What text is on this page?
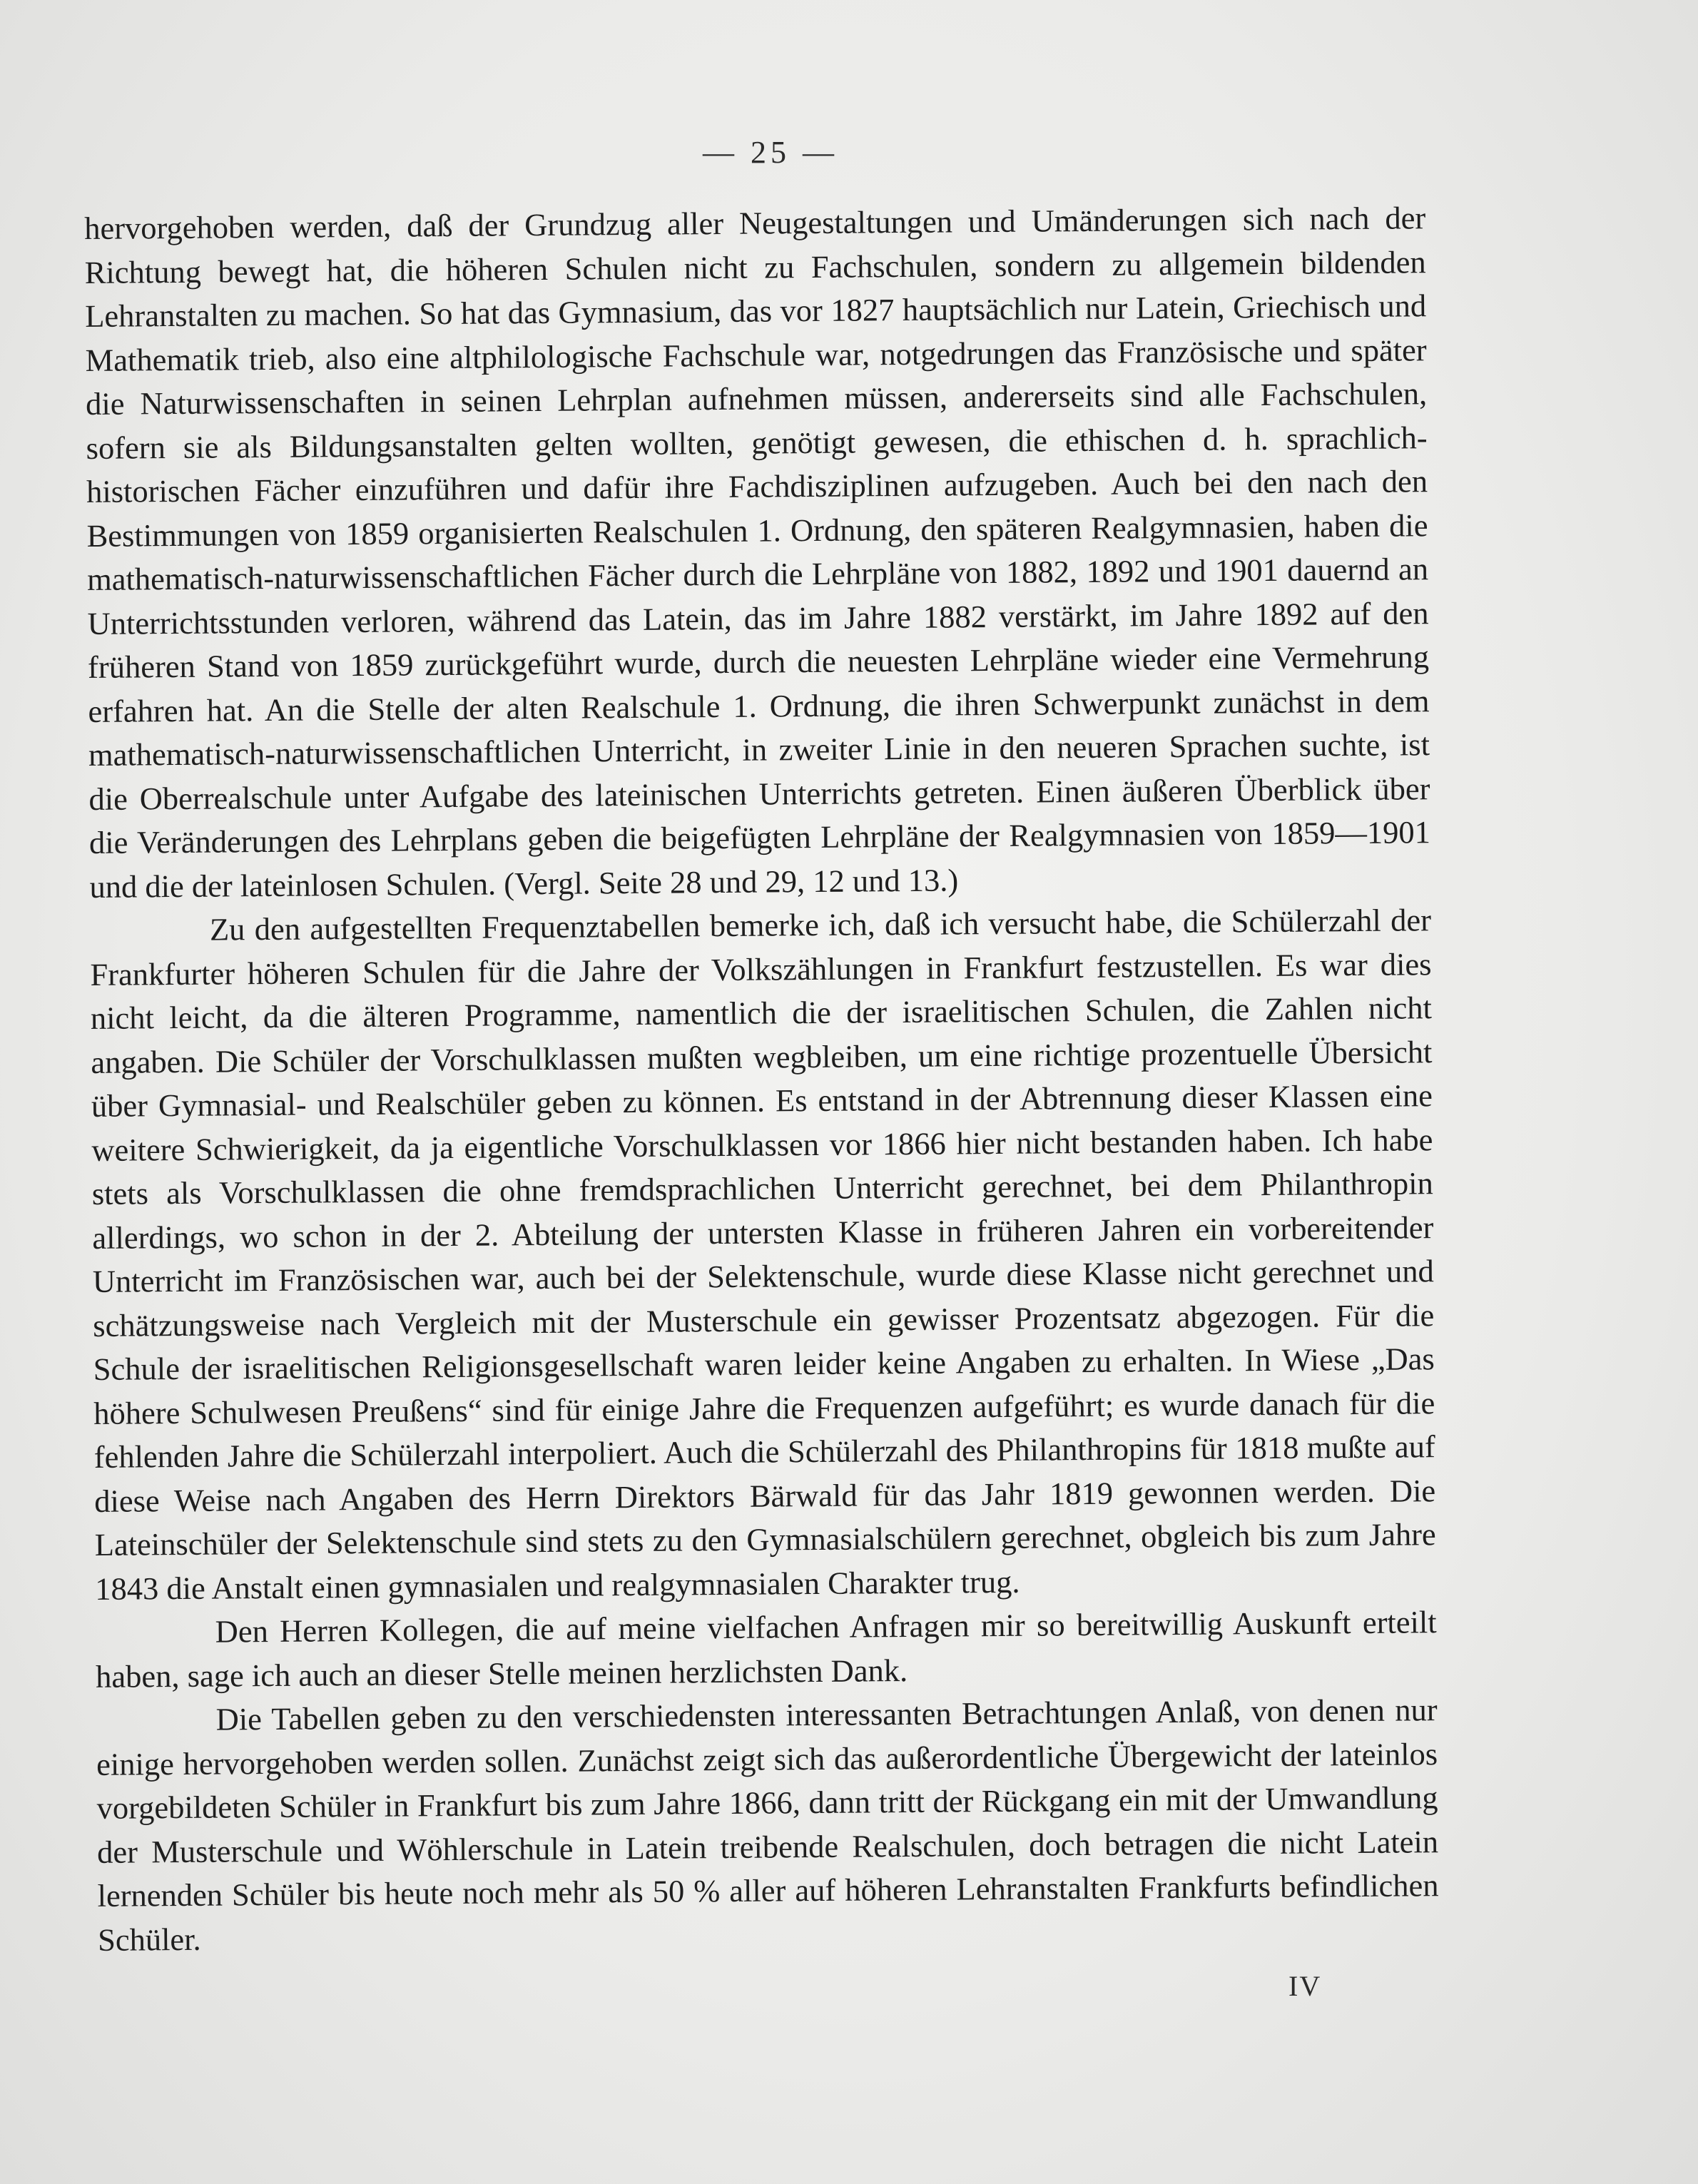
— 25 —

hervorgehoben werden, daß der Grundzug aller Neugestaltungen und Umänderungen sich nach der Richtung bewegt hat, die höheren Schulen nicht zu Fachschulen, sondern zu allgemein bildenden Lehranstalten zu machen. So hat das Gymnasium, das vor 1827 hauptsächlich nur Latein, Griechisch und Mathematik trieb, also eine altphilologische Fachschule war, notgedrungen das Französische und später die Naturwissenschaften in seinen Lehrplan aufnehmen müssen, andererseits sind alle Fachschulen, sofern sie als Bildungsanstalten gelten wollten, genötigt gewesen, die ethischen d. h. sprachlich-historischen Fächer einzuführen und dafür ihre Fachdisziplinen aufzugeben. Auch bei den nach den Bestimmungen von 1859 organisierten Realschulen 1. Ordnung, den späteren Realgymnasien, haben die mathematisch-naturwissenschaftlichen Fächer durch die Lehrpläne von 1882, 1892 und 1901 dauernd an Unterrichtsstunden verloren, während das Latein, das im Jahre 1882 verstärkt, im Jahre 1892 auf den früheren Stand von 1859 zurückgeführt wurde, durch die neuesten Lehrpläne wieder eine Vermehrung erfahren hat. An die Stelle der alten Realschule 1. Ordnung, die ihren Schwerpunkt zunächst in dem mathematisch-naturwissenschaftlichen Unterricht, in zweiter Linie in den neueren Sprachen suchte, ist die Oberrealschule unter Aufgabe des lateinischen Unterrichts getreten. Einen äußeren Überblick über die Veränderungen des Lehrplans geben die beigefügten Lehrpläne der Realgymnasien von 1859—1901 und die der lateinlosen Schulen. (Vergl. Seite 28 und 29, 12 und 13.)

Zu den aufgestellten Frequenztabellen bemerke ich, daß ich versucht habe, die Schülerzahl der Frankfurter höheren Schulen für die Jahre der Volkszählungen in Frankfurt festzustellen. Es war dies nicht leicht, da die älteren Programme, namentlich die der israelitischen Schulen, die Zahlen nicht angaben. Die Schüler der Vorschulklassen mußten wegbleiben, um eine richtige prozentuelle Übersicht über Gymnasial- und Realschüler geben zu können. Es entstand in der Abtrennung dieser Klassen eine weitere Schwierigkeit, da ja eigentliche Vorschulklassen vor 1866 hier nicht bestanden haben. Ich habe stets als Vorschulklassen die ohne fremdsprachlichen Unterricht gerechnet, bei dem Philanthropin allerdings, wo schon in der 2. Abteilung der untersten Klasse in früheren Jahren ein vorbereitender Unterricht im Französischen war, auch bei der Selektenschule, wurde diese Klasse nicht gerechnet und schätzungsweise nach Vergleich mit der Musterschule ein gewisser Prozentsatz abgezogen. Für die Schule der israelitischen Religionsgesellschaft waren leider keine Angaben zu erhalten. In Wiese „Das höhere Schulwesen Preußens“ sind für einige Jahre die Frequenzen aufgeführt; es wurde danach für die fehlenden Jahre die Schülerzahl interpoliert. Auch die Schülerzahl des Philanthropins für 1818 mußte auf diese Weise nach Angaben des Herrn Direktors Bärwald für das Jahr 1819 gewonnen werden. Die Lateinschüler der Selektenschule sind stets zu den Gymnasialschülern gerechnet, obgleich bis zum Jahre 1843 die Anstalt einen gymnasialen und realgymnasialen Charakter trug.

Den Herren Kollegen, die auf meine vielfachen Anfragen mir so bereitwillig Auskunft erteilt haben, sage ich auch an dieser Stelle meinen herzlichsten Dank.

Die Tabellen geben zu den verschiedensten interessanten Betrachtungen Anlaß, von denen nur einige hervorgehoben werden sollen. Zunächst zeigt sich das außerordentliche Übergewicht der lateinlos vorgebildeten Schüler in Frankfurt bis zum Jahre 1866, dann tritt der Rückgang ein mit der Umwandlung der Musterschule und Wöhlerschule in Latein treibende Realschulen, doch betragen die nicht Latein lernenden Schüler bis heute noch mehr als 50 % aller auf höheren Lehranstalten Frankfurts befindlichen Schüler.

IV
